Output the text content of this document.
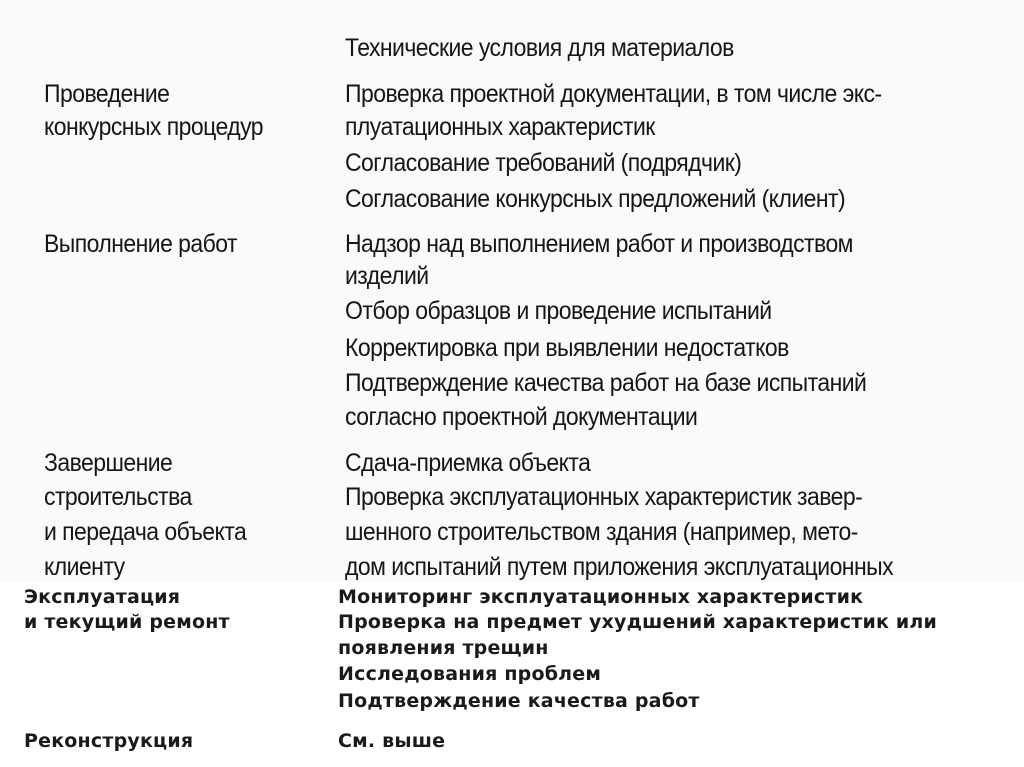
Технические условия для материалов
Проведение
конкурсных процедур
Проверка проектной документации, в том числе экс-
плуатационных характеристик
Согласование требований (подрядчик)
Согласование конкурсных предложений (клиент)
Выполнение работ	Надзор над выполнением работ и производством
изделий
Отбор образцов и проведение испытаний
Корректировка при выявлении недостатков
Подтверждение качества работ на базе испытаний
согласно проектной документации
Завершение
строительства
и передача объекта
клиенту
Сдача-приемка объекта
Проверка эксплуатационных характеристик завер-
шенного строительством здания (например, мето-
дом испытаний путем приложения эксплуатационных
Эксплуатация
и текущий ремонт
Мониторинг эксплуатационных характеристик
Проверка на предмет ухудшений характеристик или
появления трещин
Исследования проблем
Подтверждение качества работ
Реконструкция	См. выше
